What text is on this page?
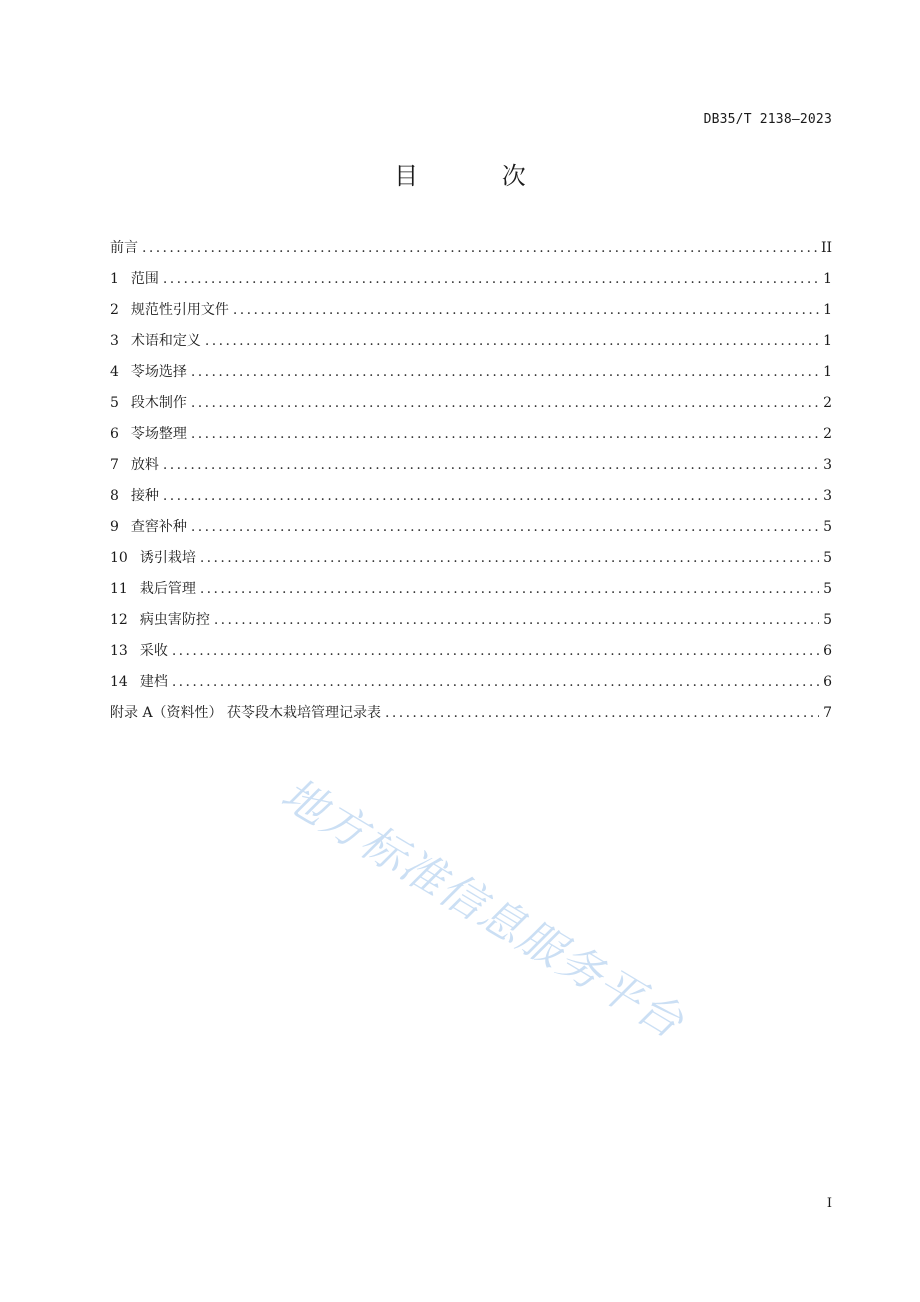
DB35/T 2138—2023
目 次
前言 .....	II
1 范围 .....	1
2 规范性引用文件 .....	1
3 术语和定义 .....	1
4 苓场选择 .....	1
5 段木制作 .....	2
6 苓场整理 .....	2
7 放料 .....	3
8 接种 .....	3
9 查窖补种 .....	5
10 诱引栽培 .....	5
11 栽后管理 .....	5
12 病虫害防控 .....	5
13 采收 .....	6
14 建档 .....	6
附录 A（资料性） 茯苓段木栽培管理记录表 .....	7
地方标准信息服务平台
I
